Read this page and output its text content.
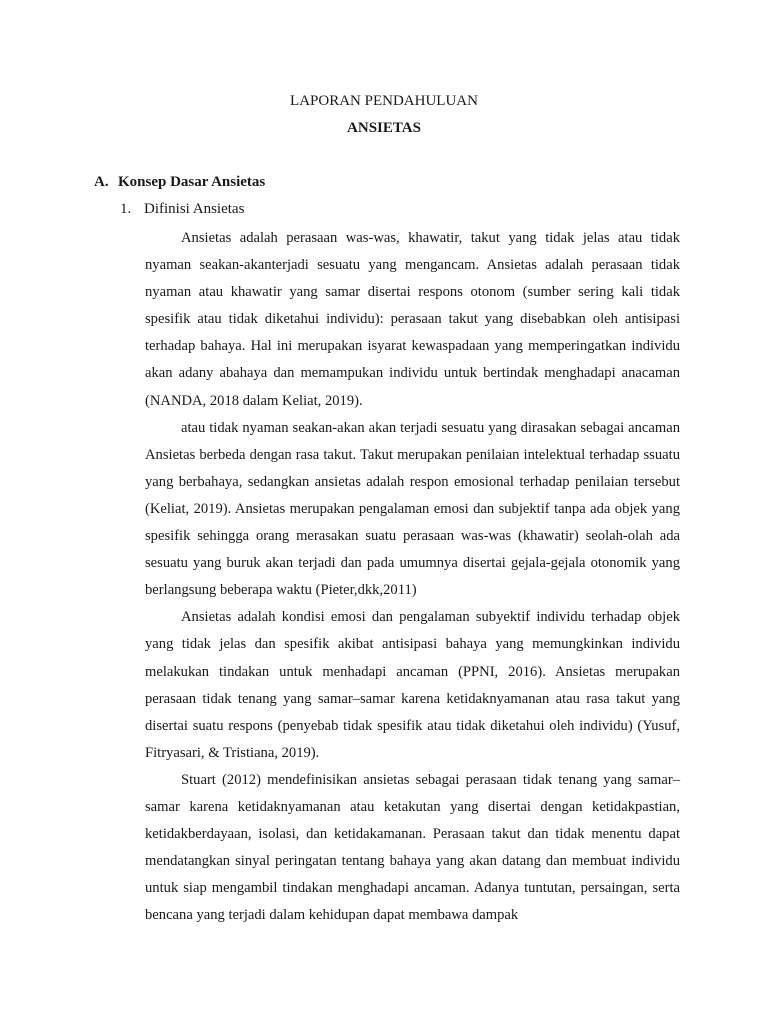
LAPORAN PENDAHULUAN
ANSIETAS
A. Konsep Dasar Ansietas
1. Difinisi Ansietas

Ansietas adalah perasaan was-was, khawatir, takut yang tidak jelas atau tidak nyaman seakan-akanterjadi sesuatu yang mengancam. Ansietas adalah perasaan tidak nyaman atau khawatir yang samar disertai respons otonom (sumber sering kali tidak spesifik atau tidak diketahui individu): perasaan takut yang disebabkan oleh antisipasi terhadap bahaya. Hal ini merupakan isyarat kewaspadaan yang memperingatkan individu akan adany abahaya dan memampukan individu untuk bertindak menghadapi anacaman (NANDA, 2018 dalam Keliat, 2019).

atau tidak nyaman seakan-akan akan terjadi sesuatu yang dirasakan sebagai ancaman Ansietas berbeda dengan rasa takut. Takut merupakan penilaian intelektual terhadap ssuatu yang berbahaya, sedangkan ansietas adalah respon emosional terhadap penilaian tersebut (Keliat, 2019). Ansietas merupakan pengalaman emosi dan subjektif tanpa ada objek yang spesifik sehingga orang merasakan suatu perasaan was-was (khawatir) seolah-olah ada sesuatu yang buruk akan terjadi dan pada umumnya disertai gejala-gejala otonomik yang berlangsung beberapa waktu (Pieter,dkk,2011)

Ansietas adalah kondisi emosi dan pengalaman subyektif individu terhadap objek yang tidak jelas dan spesifik akibat antisipasi bahaya yang memungkinkan individu melakukan tindakan untuk menhadapi ancaman (PPNI, 2016). Ansietas merupakan perasaan tidak tenang yang samar–samar karena ketidaknyamanan atau rasa takut yang disertai suatu respons (penyebab tidak spesifik atau tidak diketahui oleh individu) (Yusuf, Fitryasari, & Tristiana, 2019).

Stuart (2012) mendefinisikan ansietas sebagai perasaan tidak tenang yang samar–samar karena ketidaknyamanan atau ketakutan yang disertai dengan ketidakpastian, ketidakberdayaan, isolasi, dan ketidakamanan. Perasaan takut dan tidak menentu dapat mendatangkan sinyal peringatan tentang bahaya yang akan datang dan membuat individu untuk siap mengambil tindakan menghadapi ancaman. Adanya tuntutan, persaingan, serta bencana yang terjadi dalam kehidupan dapat membawa dampak
